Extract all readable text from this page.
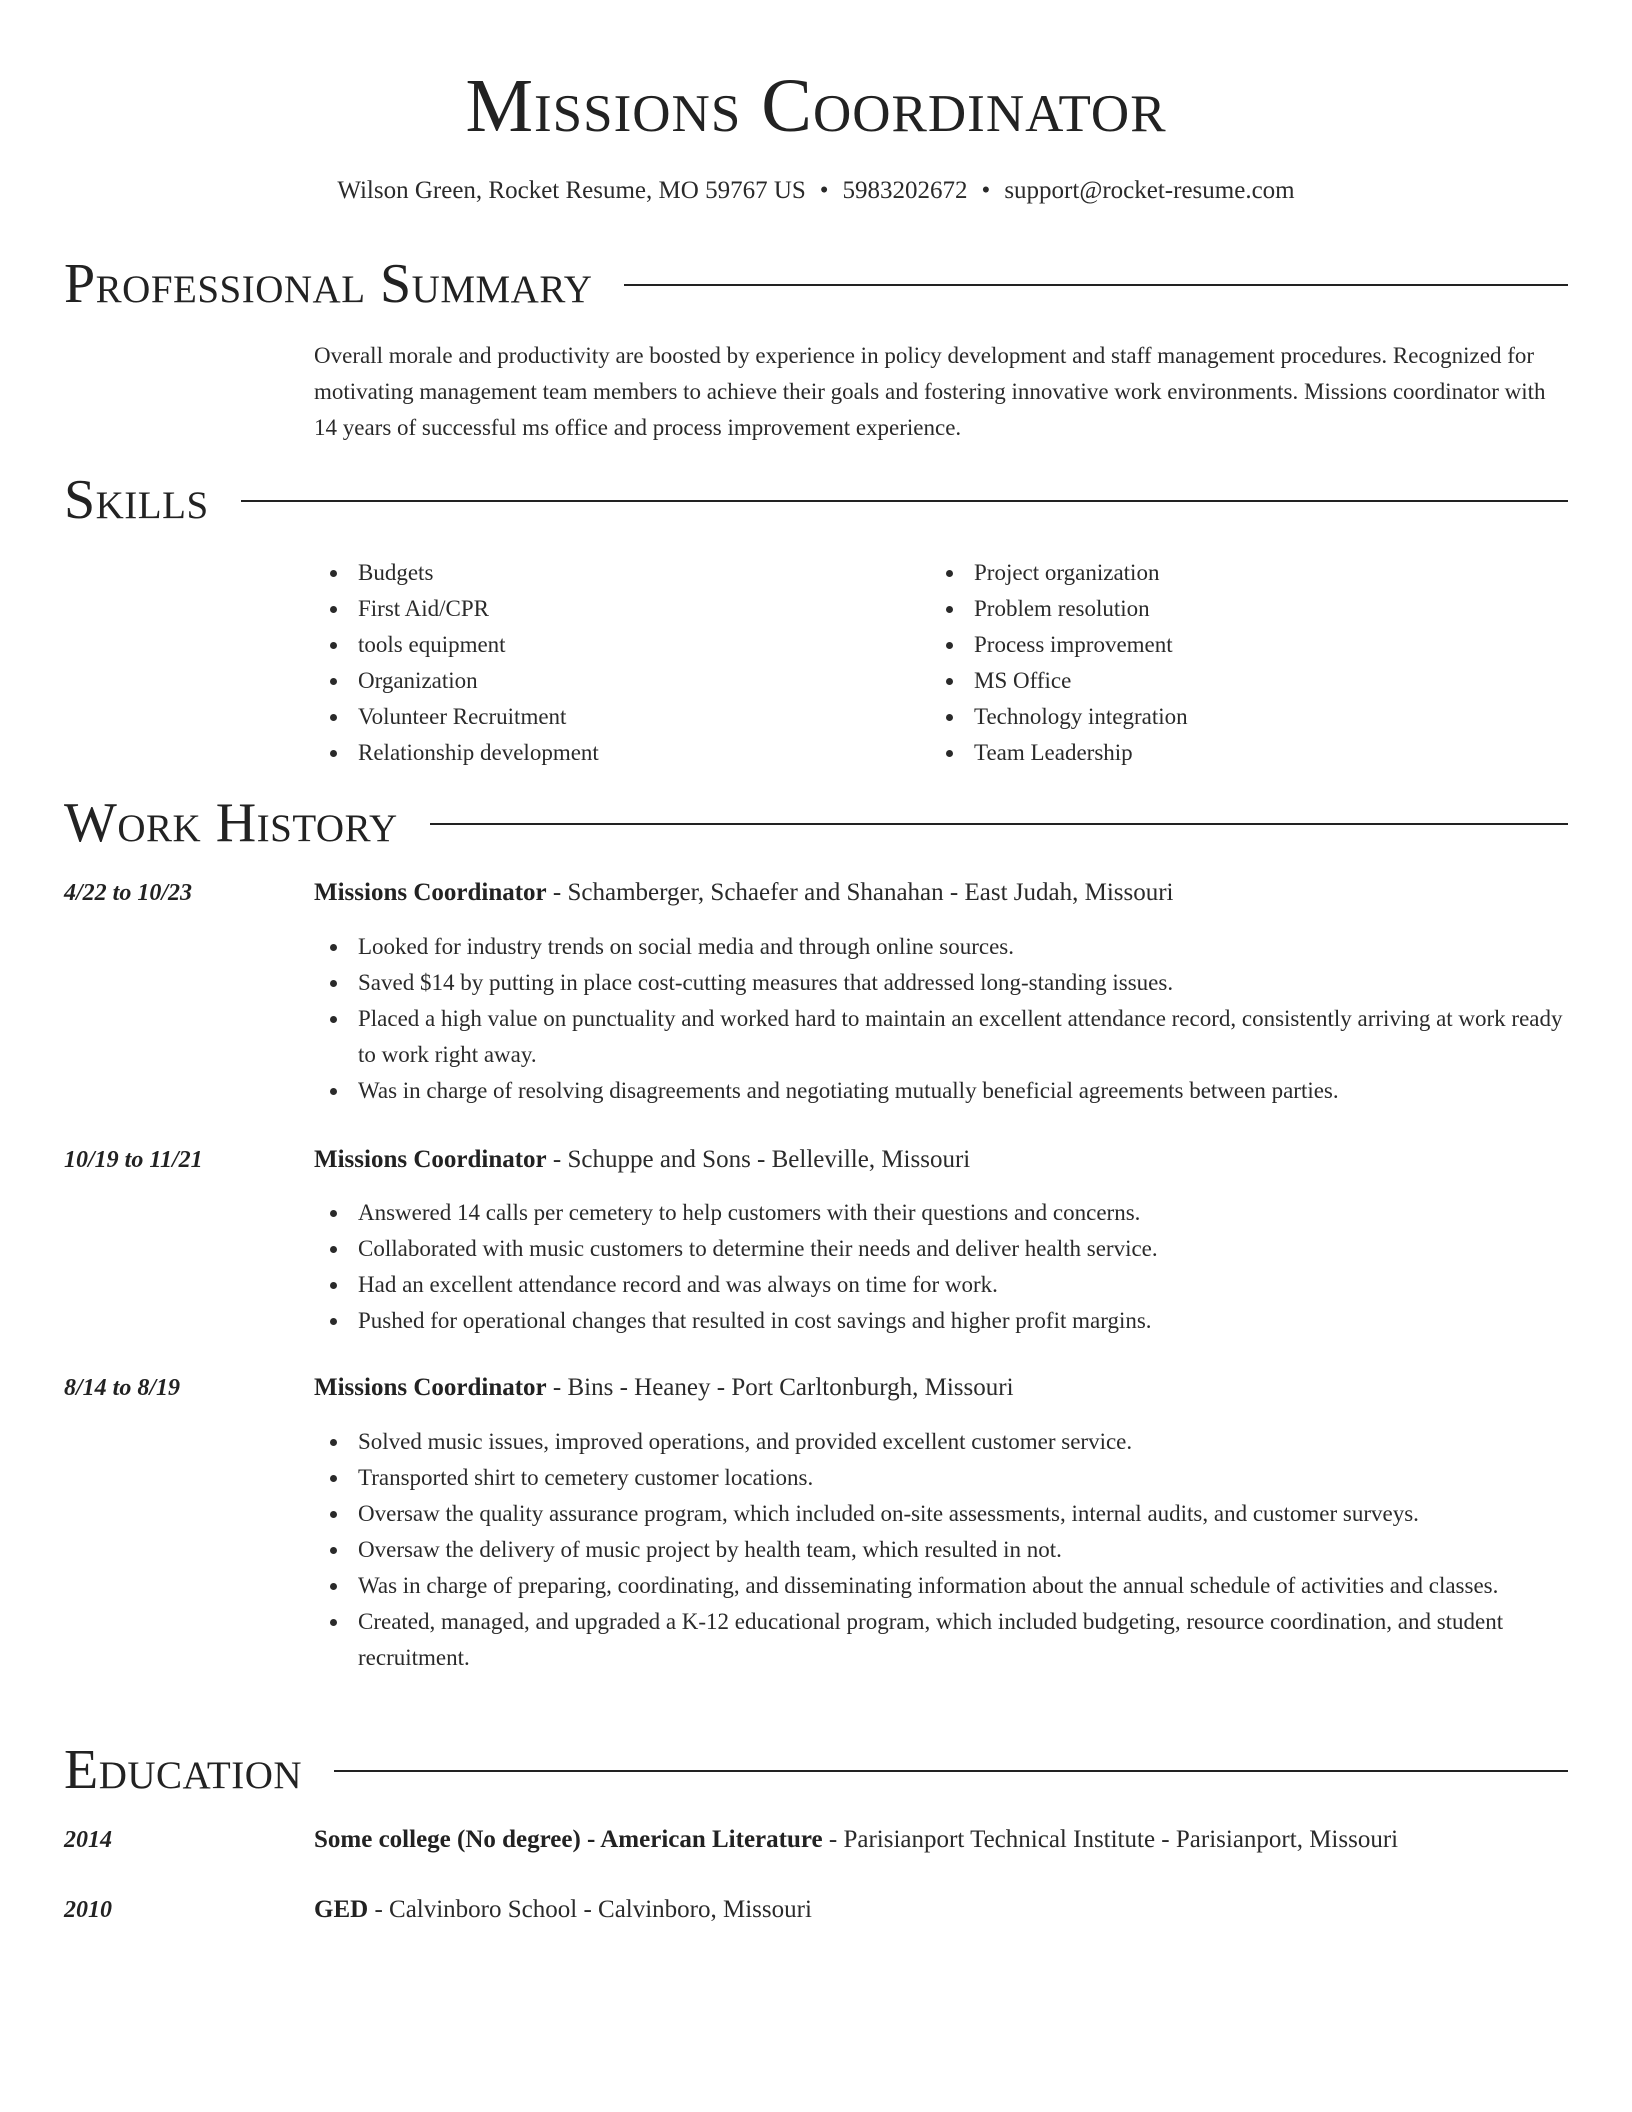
Missions Coordinator
Wilson Green, Rocket Resume, MO 59767 US • 5983202672 • support@rocket-resume.com
Professional Summary

Overall morale and productivity are boosted by experience in policy development and staff management procedures. Recognized for motivating management team members to achieve their goals and fostering innovative work environments. Missions coordinator with 14 years of successful ms office and process improvement experience.

Skills
Budgets
First Aid/CPR
tools equipment
Organization
Volunteer Recruitment
Relationship development
Project organization
Problem resolution
Process improvement
MS Office
Technology integration
Team Leadership
Work History
4/22 to 10/23	Missions Coordinator - Schamberger, Schaefer and Shanahan - East Judah, Missouri
Looked for industry trends on social media and through online sources.
Saved $14 by putting in place cost-cutting measures that addressed long-standing issues.
Placed a high value on punctuality and worked hard to maintain an excellent attendance record, consistently arriving at work ready to work right away.
Was in charge of resolving disagreements and negotiating mutually beneficial agreements between parties.
10/19 to 11/21	Missions Coordinator - Schuppe and Sons - Belleville, Missouri
Answered 14 calls per cemetery to help customers with their questions and concerns.
Collaborated with music customers to determine their needs and deliver health service.
Had an excellent attendance record and was always on time for work.
Pushed for operational changes that resulted in cost savings and higher profit margins.
8/14 to 8/19	Missions Coordinator - Bins - Heaney - Port Carltonburgh, Missouri
Solved music issues, improved operations, and provided excellent customer service.
Transported shirt to cemetery customer locations.
Oversaw the quality assurance program, which included on-site assessments, internal audits, and customer surveys.
Oversaw the delivery of music project by health team, which resulted in not.
Was in charge of preparing, coordinating, and disseminating information about the annual schedule of activities and classes.
Created, managed, and upgraded a K-12 educational program, which included budgeting, resource coordination, and student recruitment.
Education
2014	Some college (No degree) - American Literature - Parisianport Technical Institute - Parisianport, Missouri
2010	GED - Calvinboro School - Calvinboro, Missouri
